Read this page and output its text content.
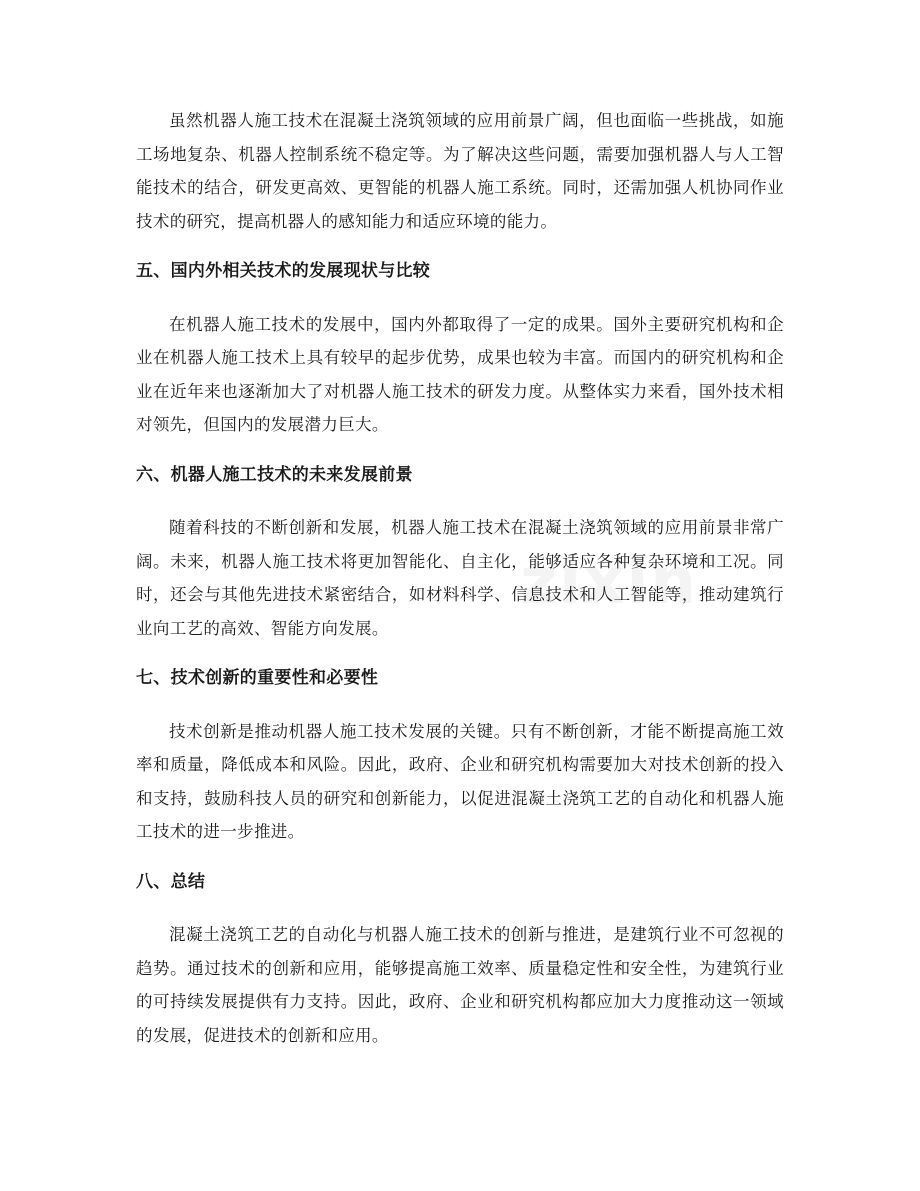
zixin

虽然机器人施工技术在混凝土浇筑领域的应用前景广阔，但也面临一些挑战，如施工场地复杂、机器人控制系统不稳定等。为了解决这些问题，需要加强机器人与人工智能技术的结合，研发更高效、更智能的机器人施工系统。同时，还需加强人机协同作业技术的研究，提高机器人的感知能力和适应环境的能力。

五、国内外相关技术的发展现状与比较

在机器人施工技术的发展中，国内外都取得了一定的成果。国外主要研究机构和企业在机器人施工技术上具有较早的起步优势，成果也较为丰富。而国内的研究机构和企业在近年来也逐渐加大了对机器人施工技术的研发力度。从整体实力来看，国外技术相对领先，但国内的发展潜力巨大。

六、机器人施工技术的未来发展前景

随着科技的不断创新和发展，机器人施工技术在混凝土浇筑领域的应用前景非常广阔。未来，机器人施工技术将更加智能化、自主化，能够适应各种复杂环境和工况。同时，还会与其他先进技术紧密结合，如材料科学、信息技术和人工智能等，推动建筑行业向工艺的高效、智能方向发展。

七、技术创新的重要性和必要性

技术创新是推动机器人施工技术发展的关键。只有不断创新，才能不断提高施工效率和质量，降低成本和风险。因此，政府、企业和研究机构需要加大对技术创新的投入和支持，鼓励科技人员的研究和创新能力，以促进混凝土浇筑工艺的自动化和机器人施工技术的进一步推进。

八、总结

混凝土浇筑工艺的自动化与机器人施工技术的创新与推进，是建筑行业不可忽视的趋势。通过技术的创新和应用，能够提高施工效率、质量稳定性和安全性，为建筑行业的可持续发展提供有力支持。因此，政府、企业和研究机构都应加大力度推动这一领域的发展，促进技术的创新和应用。
